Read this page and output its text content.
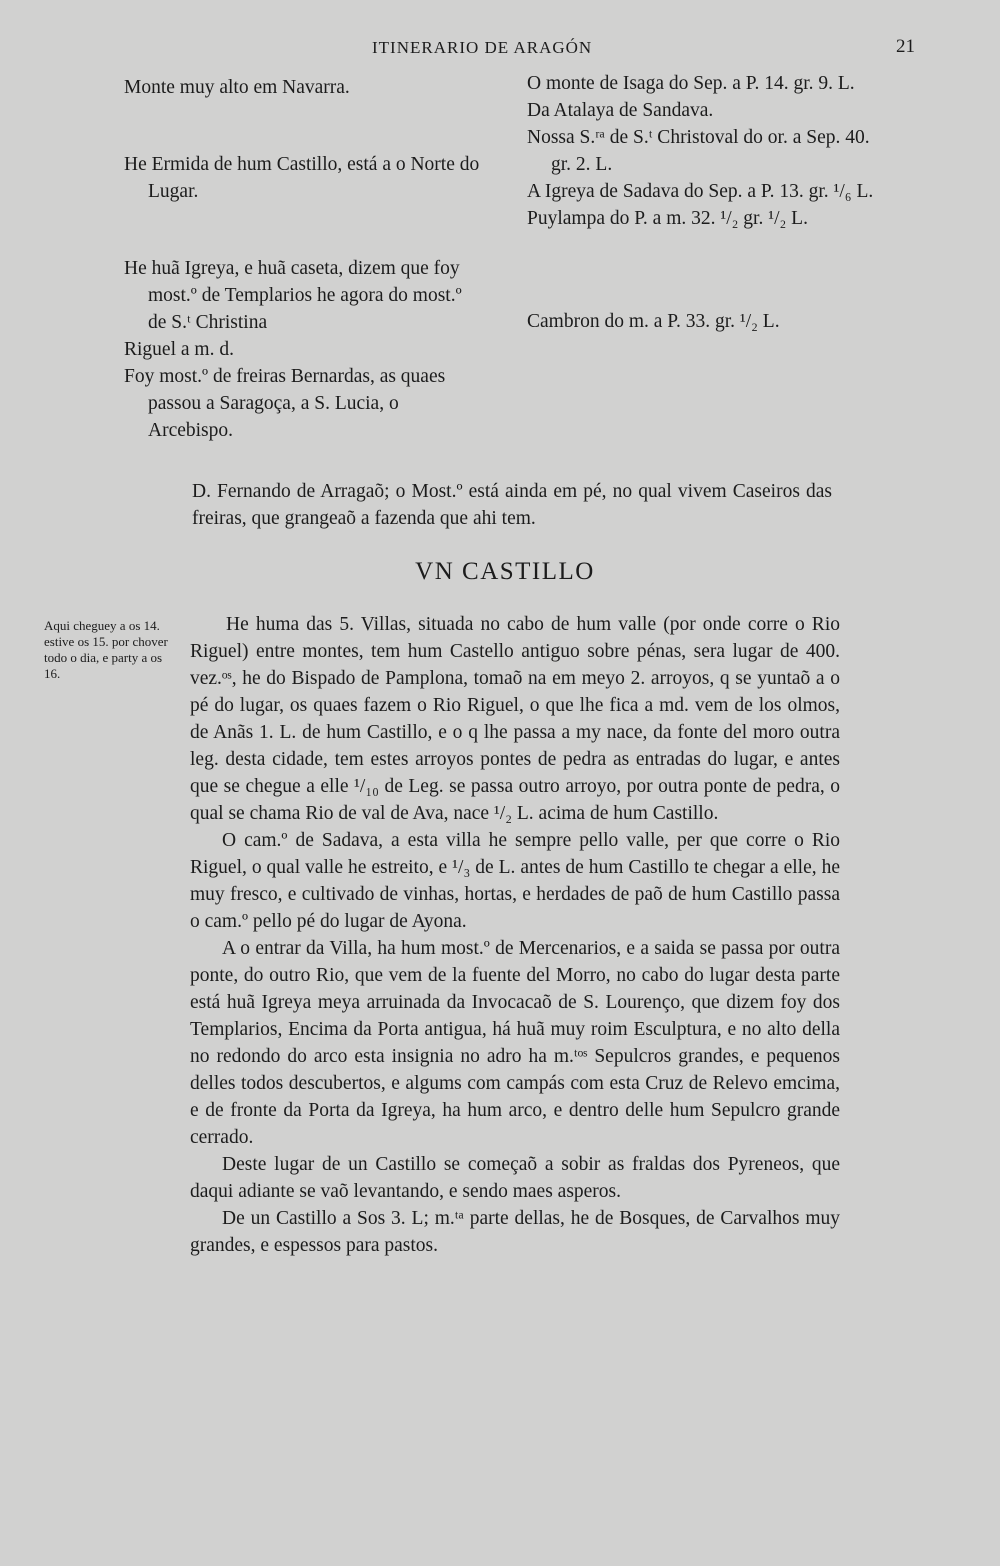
ITINERARIO DE ARAGÓN	21

Monte muy alto em Navarra.

He Ermida de hum Castillo, está a o Norte do Lugar.

He huã Igreya, e huã caseta, dizem que foy most.º de Templarios he agora do most.º de S.ᵗ Christina

Riguel a m. d.

Foy most.º de freiras Bernardas, as quaes passou a Saragoça, a S. Lucia, o Arcebispo.

O monte de Isaga do Sep. a P. 14. gr. 9. L.

Da Atalaya de Sandava.

Nossa S.ʳᵃ de S.ᵗ Christoval do or. a Sep. 40. gr. 2. L.

A Igreya de Sadava do Sep. a P. 13. gr. ¹/₆ L.

Puylampa do P. a m. 32. ¹/₂ gr. ¹/₂ L.

Cambron do m. a P. 33. gr. ¹/₂ L.

D. Fernando de Arragaõ; o Most.º está ainda em pé, no qual vivem Caseiros das freiras, que grangeaõ a fazenda que ahi tem.

VN CASTILLO
Aqui cheguey a os 14. estive os 15. por chover todo o dia, e party a os 16.

He huma das 5. Villas, situada no cabo de hum valle (por onde corre o Rio Riguel) entre montes, tem hum Castello antiguo sobre pénas, sera lugar de 400. vez.ᵒˢ, he do Bispado de Pamplona, tomaõ na em meyo 2. arroyos, q se yuntaõ a o pé do lugar, os quaes fazem o Rio Riguel, o que lhe fica a md. vem de los olmos, de Anãs 1. L. de hum Castillo, e o q lhe passa a my nace, da fonte del moro outra leg. desta cidade, tem estes arroyos pontes de pedra as entradas do lugar, e antes que se chegue a elle ¹/₁₀ de Leg. se passa outro arroyo, por outra ponte de pedra, o qual se chama Rio de val de Ava, nace ¹/₂ L. acima de hum Castillo.

O cam.º de Sadava, a esta villa he sempre pello valle, per que corre o Rio Riguel, o qual valle he estreito, e ¹/₃ de L. antes de hum Castillo te chegar a elle, he muy fresco, e cultivado de vinhas, hortas, e herdades de paõ de hum Castillo passa o cam.º pello pé do lugar de Ayona.

A o entrar da Villa, ha hum most.º de Mercenarios, e a saida se passa por outra ponte, do outro Rio, que vem de la fuente del Morro, no cabo do lugar desta parte está huã Igreya meya arruinada da Invocacaõ de S. Lourenço, que dizem foy dos Templarios, Encima da Porta antigua, há huã muy roim Esculptura, e no alto della no redondo do arco esta insignia no adro ha m.ᵗᵒˢ Sepulcros grandes, e pequenos delles todos descubertos, e algums com campás com esta Cruz de Relevo emcima, e de fronte da Porta da Igreya, ha hum arco, e dentro delle hum Sepulcro grande cerrado.

Deste lugar de un Castillo se começaõ a sobir as fraldas dos Pyreneos, que daqui adiante se vaõ levantando, e sendo maes asperos.

De un Castillo a Sos 3. L; m.ᵗᵃ parte dellas, he de Bosques, de Carvalhos muy grandes, e espessos para pastos.
